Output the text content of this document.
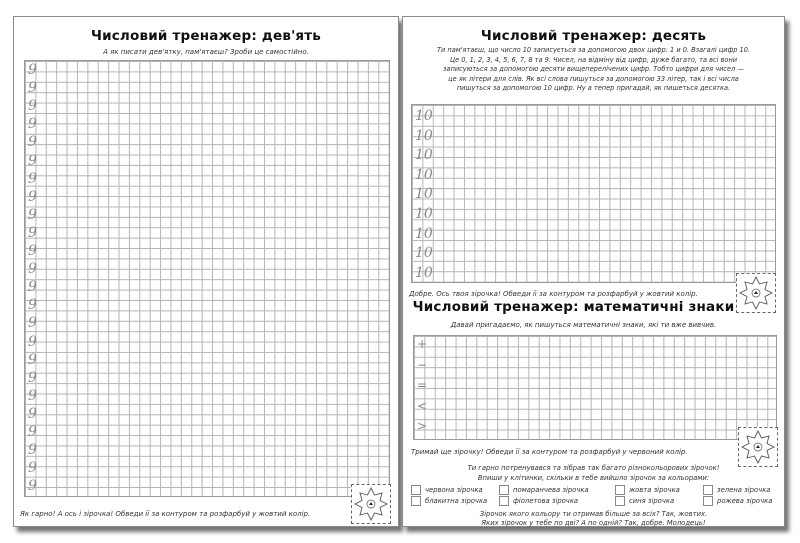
Числовий тренажер: дев'ять
А як писати дев'ятку, пам'ятаєш? Зроби це самостійно.
9
9
9
9
9
9
9
9
9
9
9
9
9
9
9
9
9
9
9
9
9
9
9
9
Як гарно! А ось і зірочка! Обведи її за контуром та розфарбуй у жовтий колір.
Числовий тренажер: десять
Ти пам'ятаєш, що число 10 записується за допомогою двох цифр: 1 и 0. Взагалі цифр 10.
Це 0, 1, 2, 3, 4, 5, 6, 7, 8 та 9. Чисел, на відміну від цифр, дуже багато, та всі вони
записуються за допомогою десяти вищеперелічених цифр. Тобто цифри для чисел —
це як літери для слів. Як всі слова пишуться за допомогою 33 літер, так і всі числа
пишуться за допомогою 10 цифр. Ну а тепер пригадай, як пишеться десятка.
10
10
10
10
10
10
10
10
10
Добре. Ось твоя зірочка! Обведи її за контуром та розфарбуй у жовтий колір.
Числовий тренажер: математичні знаки
Давай пригадаємо, як пишуться математичні знаки, які ти вже вивчив.
+
−
=
<
>
Тримай ще зірочку! Обведи її за контуром та розфарбуй у червоний колір.
Ти гарно потренувався та зібрав так багато різнокольорових зірочок!
Впиши у клітинки, скільки в тебе вийшло зірочок за кольорами:
червона зірочка	помаранчева зірочка	жовта зірочка	зелена зірочка
блакитна зірочка	фіолетова зірочка	синя зірочка	рожева зірочка
Зірочок якого кольору ти отримав більше за всіх? Так, жовтих.
Яких зірочок у тебе по дві? А по одній? Так, добре. Молодець!
